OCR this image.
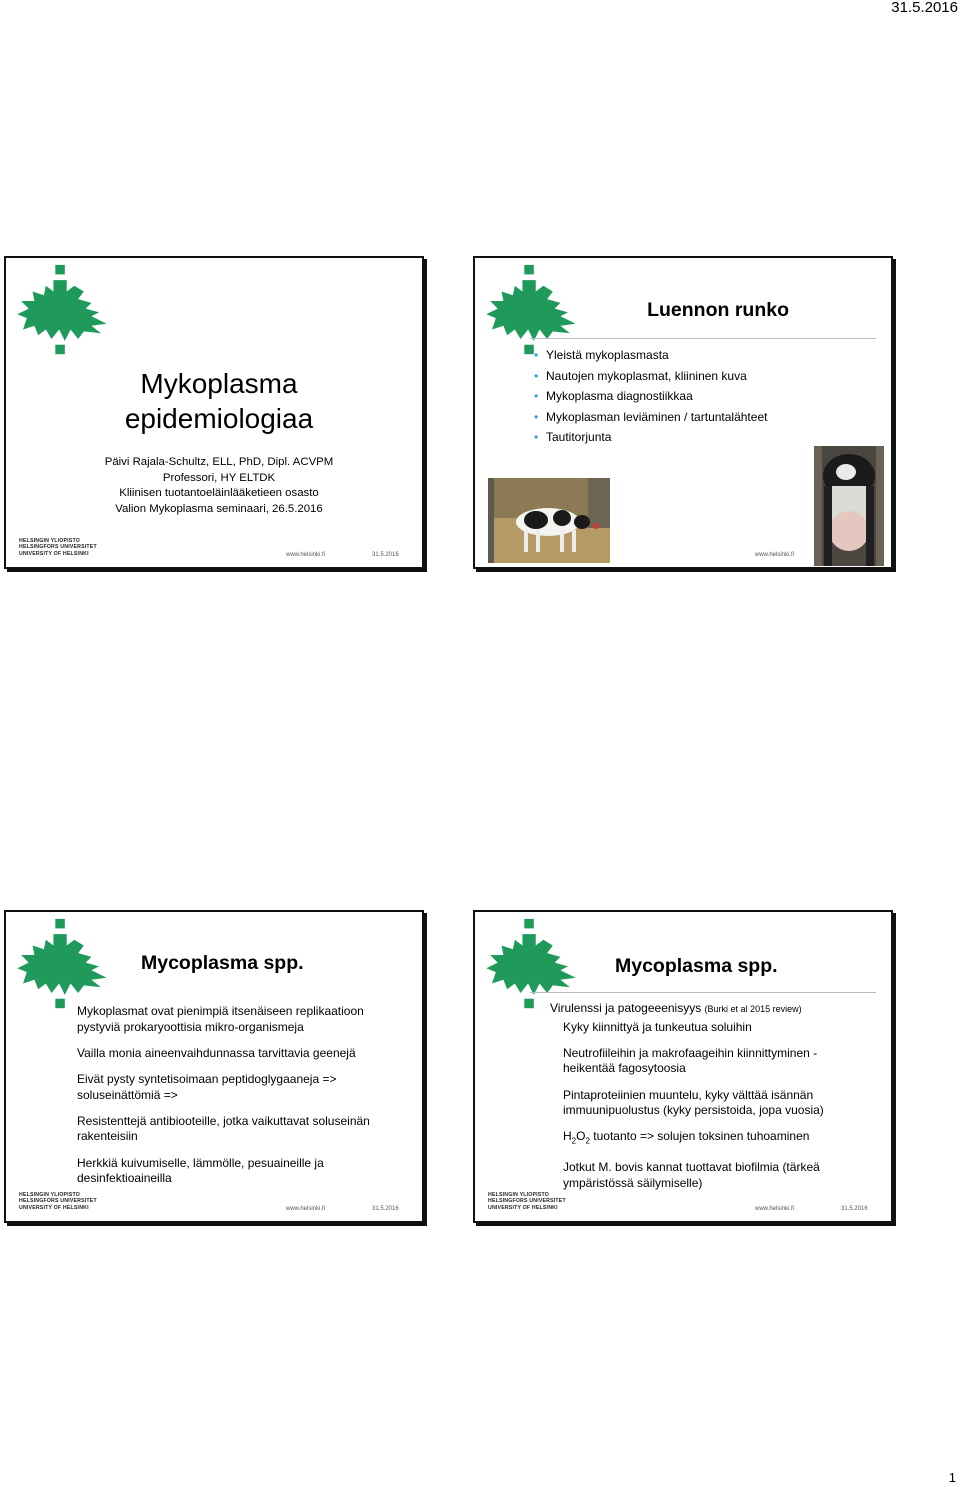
31.5.2016
Mykoplasma
epidemiologiaa
Päivi Rajala-Schultz, ELL, PhD, Dipl. ACVPM
Professori, HY ELTDK
Kliinisen tuotantoeläinlääketieen osasto
Valion Mykoplasma seminaari, 26.5.2016
HELSINGIN YLIOPISTO
HELSINGFORS UNIVERSITET
UNIVERSITY OF HELSINKI	www.helsinki.fi	31.5.2016
Luennon runko
• Yleistä mykoplasmasta
• Nautojen mykoplasmat, kliininen kuva
• Mykoplasma diagnostiikkaa
• Mykoplasman leviäminen / tartuntalähteet
• Tautitorjunta
www.helsinki.fi
Mycoplasma spp.

Mykoplasmat ovat pienimpiä itsenäiseen replikaatioon pystyviä prokaryoottisia mikro-organismeja

Vailla monia aineenvaihdunnassa tarvittavia geenejä

Eivät pysty syntetisoimaan peptidoglygaaneja => soluseinättömiä =>

Resistenttejä antibiooteille, jotka vaikuttavat soluseinän rakenteisiin

Herkkiä kuivumiselle, lämmölle, pesuaineille ja desinfektioaineilla

HELSINGIN YLIOPISTO
HELSINGFORS UNIVERSITET
UNIVERSITY OF HELSINKI	www.helsinki.fi	31.5.2016
Mycoplasma spp.

Virulenssi ja patogeeenisyys (Burki et al 2015 review)

Kyky kiinnittyä ja tunkeutua soluihin

Neutrofiileihin ja makrofaageihin kiinnittyminen - heikentää fagosytoosia

Pintaproteiinien muuntelu, kyky välttää isännän immuunipuolustus (kyky persistoida, jopa vuosia)

$H_2O_2$ tuotanto => solujen toksinen tuhoaminen

Jotkut M. bovis kannat tuottavat biofilmia (tärkeä ympäristössä säilymiselle)

HELSINGIN YLIOPISTO
HELSINGFORS UNIVERSITET
UNIVERSITY OF HELSINKI	www.helsinki.fi	31.5.2016
1
